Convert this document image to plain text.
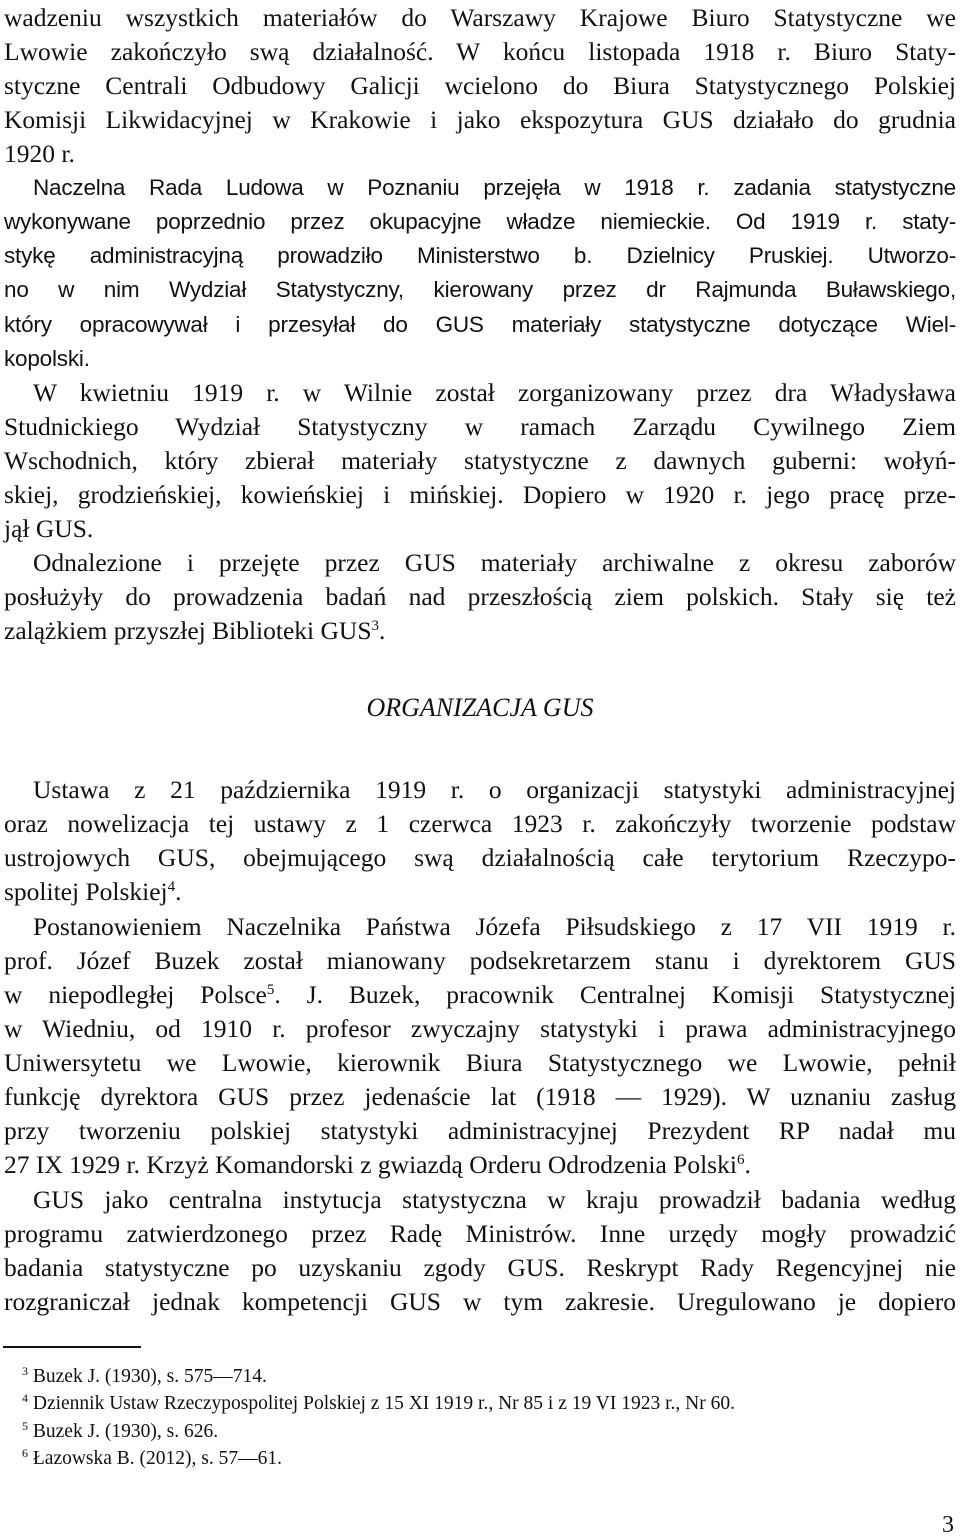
ORGANIZACJA GUS
3
wadzeniu wszystkich materiałów do Warszawy Krajowe Biuro Statystyczne we
Lwowie zakończyło swą działalność. W końcu listopada 1918 r. Biuro Staty-
styczne Centrali Odbudowy Galicji wcielono do Biura Statystycznego Polskiej
Komisji Likwidacyjnej w Krakowie i jako ekspozytura GUS działało do grudnia
1920 r.
Naczelna Rada Ludowa w Poznaniu przejęła w 1918 r. zadania statystyczne
wykonywane poprzednio przez okupacyjne władze niemieckie. Od 1919 r. staty-
stykę administracyjną prowadziło Ministerstwo b. Dzielnicy Pruskiej. Utworzo-
no w nim Wydział Statystyczny, kierowany przez dr Rajmunda Buławskiego,
który opracowywał i przesyłał do GUS materiały statystyczne dotyczące Wiel-
kopolski.
W kwietniu 1919 r. w Wilnie został zorganizowany przez dra Władysława
Studnickiego Wydział Statystyczny w ramach Zarządu Cywilnego Ziem
Wschodnich, który zbierał materiały statystyczne z dawnych guberni: wołyń-
skiej, grodzieńskiej, kowieńskiej i mińskiej. Dopiero w 1920 r. jego pracę prze-
jął GUS.
Odnalezione i przejęte przez GUS materiały archiwalne z okresu zaborów
posłużyły do prowadzenia badań nad przeszłością ziem polskich. Stały się też
zalążkiem przyszłej Biblioteki GUS$^3$.
Ustawa z 21 października 1919 r. o organizacji statystyki administracyjnej
oraz nowelizacja tej ustawy z 1 czerwca 1923 r. zakończyły tworzenie podstaw
ustrojowych GUS, obejmującego swą działalnością całe terytorium Rzeczypo-
spolitej Polskiej$^4$.
Postanowieniem Naczelnika Państwa Józefa Piłsudskiego z 17 VII 1919 r.
prof. Józef Buzek został mianowany podsekretarzem stanu i dyrektorem GUS
w niepodległej Polsce$^5$. J. Buzek, pracownik Centralnej Komisji Statystycznej
w Wiedniu, od 1910 r. profesor zwyczajny statystyki i prawa administracyjnego
Uniwersytetu we Lwowie, kierownik Biura Statystycznego we Lwowie, pełnił
funkcję dyrektora GUS przez jedenaście lat (1918 — 1929). W uznaniu zasług
przy tworzeniu polskiej statystyki administracyjnej Prezydent RP nadał mu
27 IX 1929 r. Krzyż Komandorski z gwiazdą Orderu Odrodzenia Polski$^6$.
GUS jako centralna instytucja statystyczna w kraju prowadził badania według
programu zatwierdzonego przez Radę Ministrów. Inne urzędy mogły prowadzić
badania statystyczne po uzyskaniu zgody GUS. Reskrypt Rady Regencyjnej nie
rozgraniczał jednak kompetencji GUS w tym zakresie. Uregulowano je dopiero
$^3$ Buzek J. (1930), s. 575—714.
$^4$ Dziennik Ustaw Rzeczypospolitej Polskiej z 15 XI 1919 r., Nr 85 i z 19 VI 1923 r., Nr 60.
$^5$ Buzek J. (1930), s. 626.
$^6$ Łazowska B. (2012), s. 57—61.
